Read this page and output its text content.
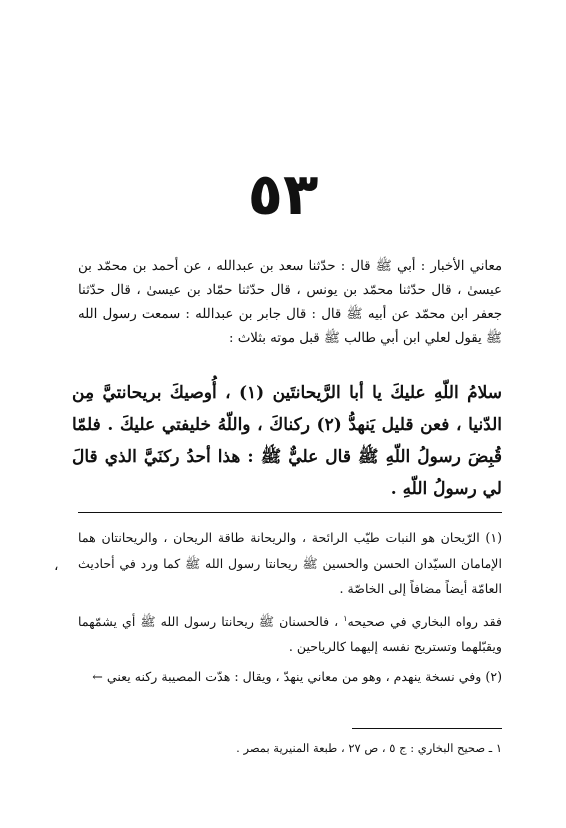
٥٣
معاني الأخبار : أبي ﷺ قال : حدّثنا سعد بن عبدالله ، عن أحمد بن محمّد بن عيسىٰ ، قال حدّثنا محمّد بن يونس ، قال حدّثنا حمّاد بن عيسىٰ ، قال حدّثنا جعفر ابن محمّد عن أبيه ﷺ قال : قال جابر بن عبدالله : سمعت رسول الله ﷺ يقول لعلي ابن أبي طالب ﷺ قبل موته بثلاث :
سلامُ اللّهِ عليكَ يا أبا الرَّيحانتَين (١) ، أُوصيكَ بريحانتيَّ مِن الدّنيا ، فعن قليل يَنهدُّ (٢) ركناكَ ، واللّهُ خليفتي عليكَ . فلمّا قُبِضَ رسولُ اللّهِ ﷺ قال عليٌّ ﷺ : هذا أحدُ ركنَيَّ الذي قالَ لي رسولُ اللّهِ .

(١) الرّيحان هو النبات طيّب الرائحة ، والريحانة طاقة الريحان ، والريحانتان هما الإمامان السيّدان الحسن والحسين ﷺ ريحانتا رسول الله ﷺ كما ورد في أحاديث العامّة أيضاً مضافاً إلى الخاصّة .

فقد رواه البخاري في صحيحه$^١$ ، فالحسنان ﷺ ريحانتا رسول الله ﷺ أي يشمّهما ويقبّلهما وتستريح نفسه إليهما كالرياحين .

(٢) وفي نسخة ينهدم ، وهو من معاني ينهدّ ، ويقال : هدّت المصيبة ركنه يعني ←

،
١ ـ صحيح البخاري : ج ٥ ، ص ٢٧ ، طبعة المنيرية بمصر .
